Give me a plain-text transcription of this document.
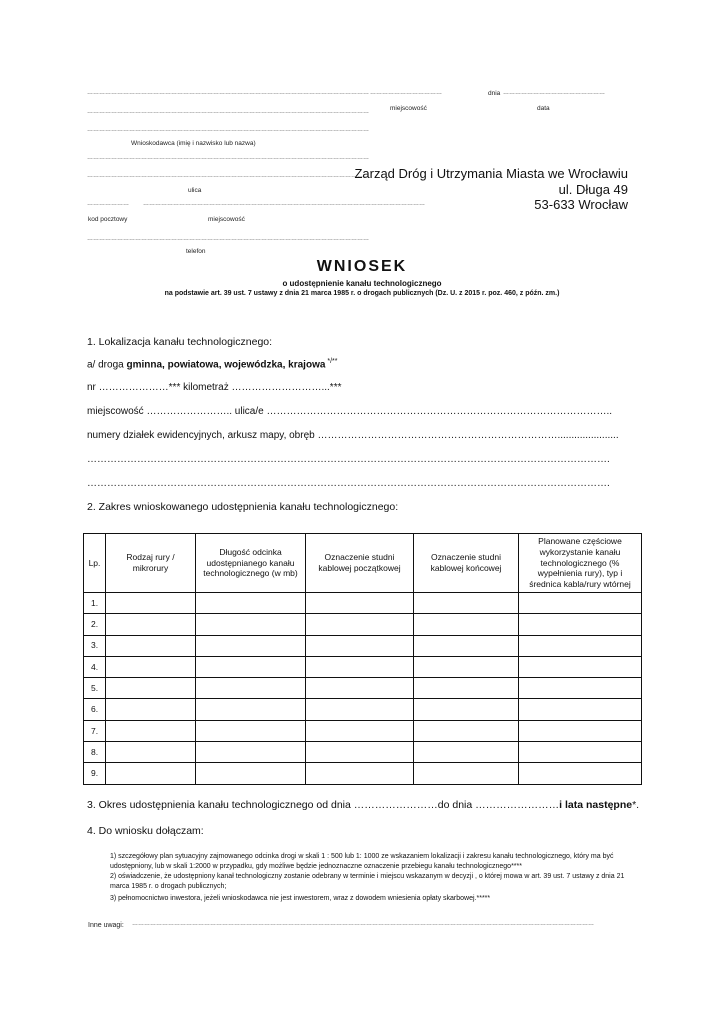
……………………………………………………………………………………………………………………………
……………………………………………………………………………………………………………………………
……………………………………………………………………………………………………………………………
Wnioskodawca (imię i nazwisko lub nazwa)
……………………………………………………………………………………………………………………………
……………………………………………………………………………………………………………………………
ulica
…………………	……………………………………………………………………………………………………………………………
kod pocztowy	miejscowość
……………………………………………………………………………………………………………………………
telefon
………………………………	dnia ……………………………………………
miejscowość	data
Zarząd Dróg i Utrzymania Miasta we Wrocławiu
ul. Długa 49
53-633 Wrocław
WNIOSEK
o udostępnienie kanału technologicznego
na podstawie art. 39 ust. 7 ustawy z dnia 21 marca 1985 r. o drogach publicznych (Dz. U. z 2015 r. poz. 460, z późn. zm.)
1. Lokalizacja kanału technologicznego:
a/ droga gminna, powiatowa, wojewódzka, krajowa */**
nr …………………*** kilometraż ………………………...***
miejscowość …………………….. ulica/e …………………………………………………………………………………………..
numery działek ewidencyjnych, arkusz mapy, obręb ………………………………………………………………......................
………………………………………………………………………………………………………………………………………….
………………………………………………………………………………………………………………………………………….
2. Zakres wnioskowanego udostępnienia kanału technologicznego:
Lp.	Rodzaj rury / mikrorury	Długość odcinka udostępnianego kanału technologicznego (w mb)	Oznaczenie studni kablowej początkowej	Oznaczenie studni kablowej końcowej	Planowane częściowe wykorzystanie kanału technologicznego (% wypełnienia rury), typ i średnica kabla/rury wtórnej
1.					
2.					
3.					
4.					
5.					
6.					
7.					
8.					
9.					
3. Okres udostępnienia kanału technologicznego od dnia ……………………do dnia ……………………i lata następne*.
4. Do wniosku dołączam:
1) szczegółowy plan sytuacyjny zajmowanego odcinka drogi w skali 1 : 500 lub 1: 1000 ze wskazaniem lokalizacji i zakresu kanału technologicznego, który ma być udostępniony, lub w skali 1:2000 w przypadku, gdy możliwe będzie jednoznaczne oznaczenie przebiegu kanału technologicznego****
2) oświadczenie, że udostępniony kanał technologiczny zostanie odebrany w terminie i miejscu wskazanym w decyzji , o której mowa w art. 39 ust. 7 ustawy z dnia 21 marca 1985 r. o drogach publicznych;
3) pełnomocnictwo inwestora, jeżeli wnioskodawca nie jest inwestorem, wraz z dowodem wniesienia opłaty skarbowej.*****
Inne uwagi: ……………………………………………………………………………………………………………………………………………………………………………………………………………
